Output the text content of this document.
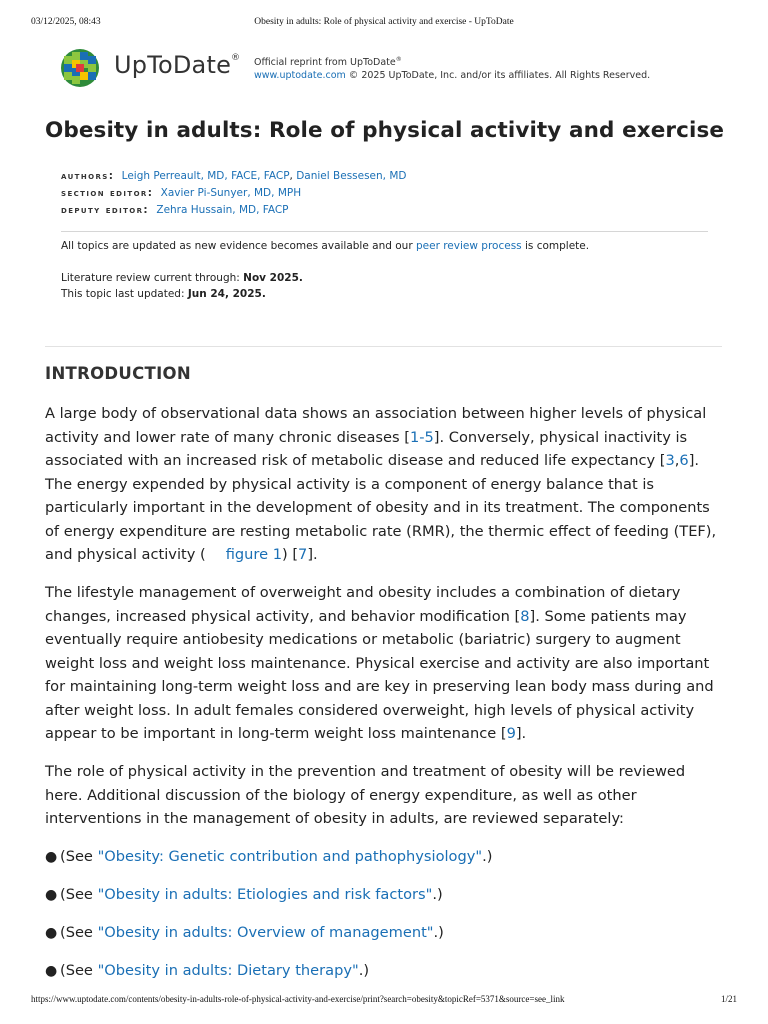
03/12/2025, 08:43	Obesity in adults: Role of physical activity and exercise - UpToDate
UpToDate® Official reprint from UpToDate®
www.uptodate.com © 2025 UpToDate, Inc. and/or its affiliates. All Rights Reserved.
Obesity in adults: Role of physical activity and exercise
authors: Leigh Perreault, MD, FACE, FACP, Daniel Bessesen, MD
section editor: Xavier Pi-Sunyer, MD, MPH
deputy editor: Zehra Hussain, MD, FACP
All topics are updated as new evidence becomes available and our peer review process is complete.
Literature review current through: Nov 2025.
This topic last updated: Jun 24, 2025.
INTRODUCTION

A large body of observational data shows an association between higher levels of physical activity and lower rate of many chronic diseases [1-5]. Conversely, physical inactivity is associated with an increased risk of metabolic disease and reduced life expectancy [3,6]. The energy expended by physical activity is a component of energy balance that is particularly important in the development of obesity and in its treatment. The components of energy expenditure are resting metabolic rate (RMR), the thermic effect of feeding (TEF), and physical activity ( figure 1) [7].

The lifestyle management of overweight and obesity includes a combination of dietary changes, increased physical activity, and behavior modification [8]. Some patients may eventually require antiobesity medications or metabolic (bariatric) surgery to augment weight loss and weight loss maintenance. Physical exercise and activity are also important for maintaining long-term weight loss and are key in preserving lean body mass during and after weight loss. In adult females considered overweight, high levels of physical activity appear to be important in long-term weight loss maintenance [9].

The role of physical activity in the prevention and treatment of obesity will be reviewed here. Additional discussion of the biology of energy expenditure, as well as other interventions in the management of obesity in adults, are reviewed separately:

● (See "Obesity: Genetic contribution and pathophysiology".)
● (See "Obesity in adults: Etiologies and risk factors".)
● (See "Obesity in adults: Overview of management".)
● (See "Obesity in adults: Dietary therapy".)
https://www.uptodate.com/contents/obesity-in-adults-role-of-physical-activity-and-exercise/print?search=obesity&topicRef=5371&source=see_link	1/21
